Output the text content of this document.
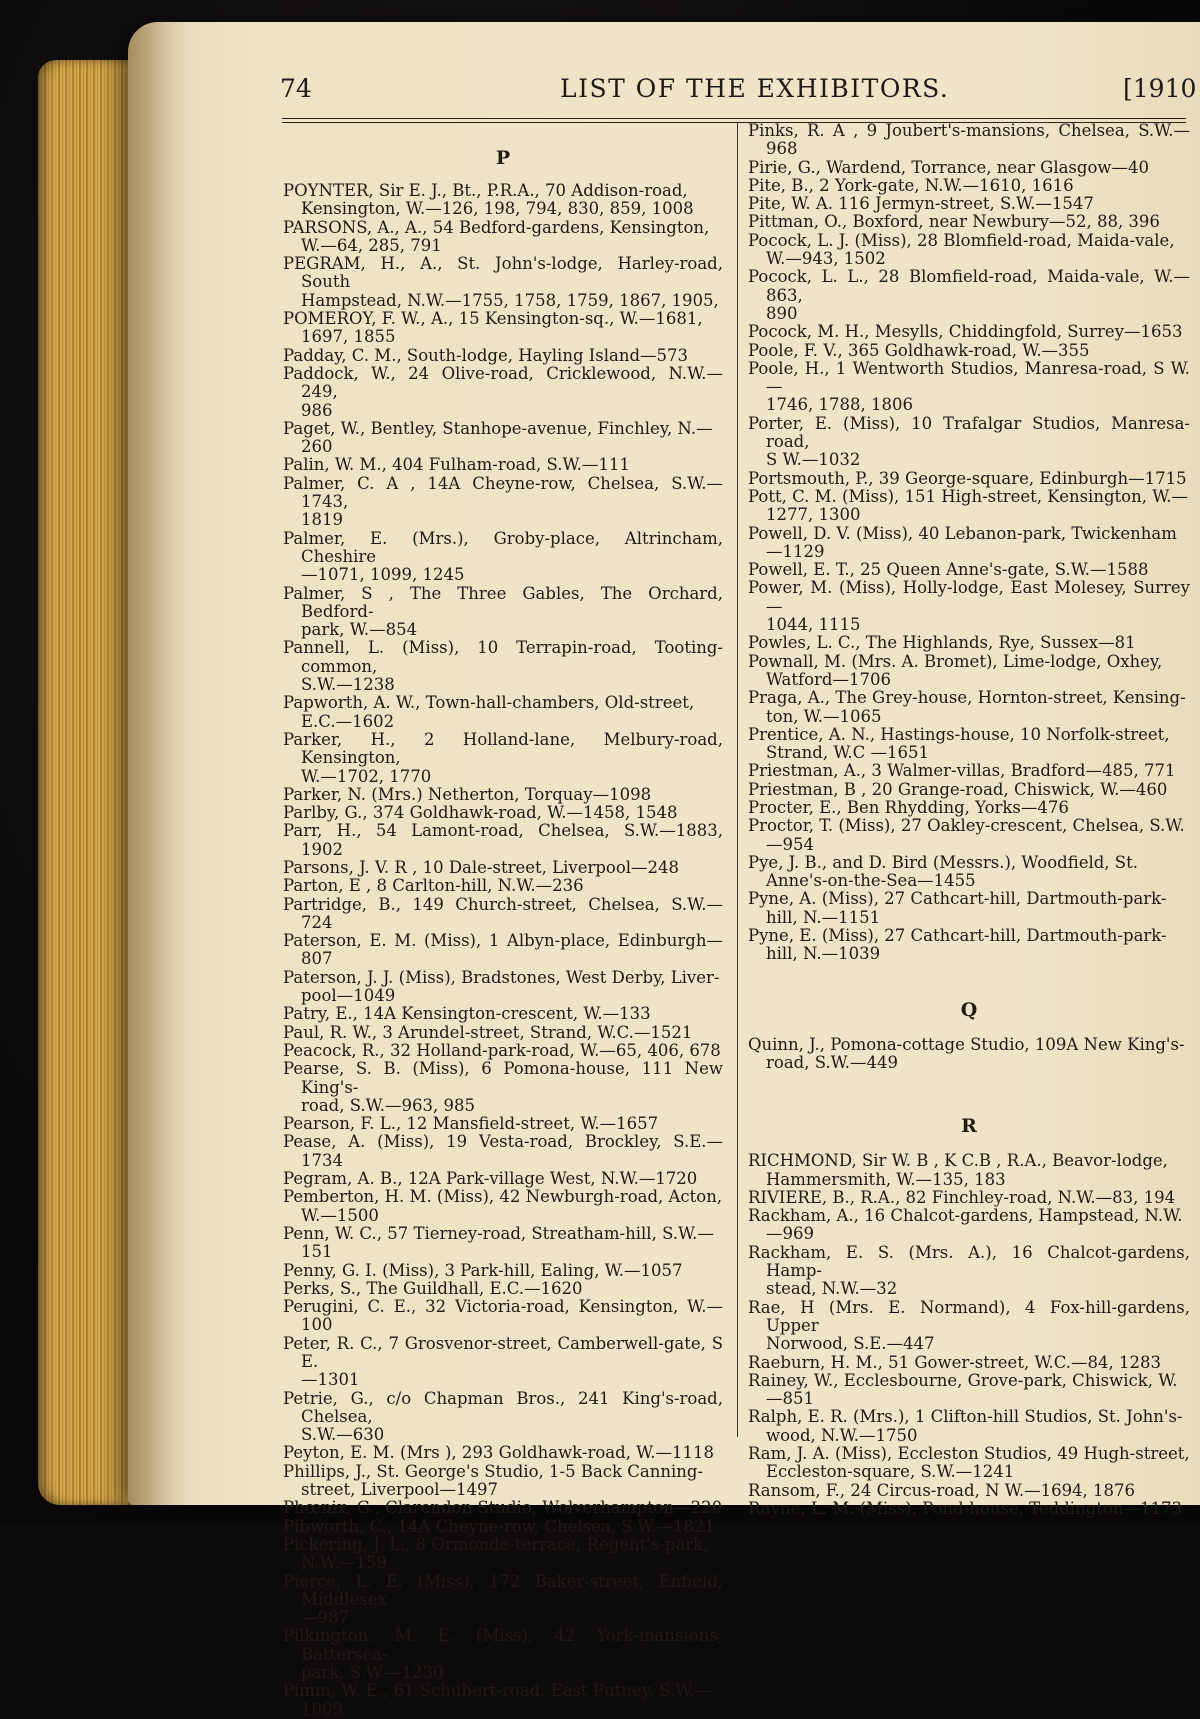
74	LIST OF THE EXHIBITORS.	[1910
P

POYNTER, Sir E. J., Bt., P.R.A., 70 Addison-road,
Kensington, W.—126, 198, 794, 830, 859, 1008

PARSONS, A., A., 54 Bedford-gardens, Kensington,
W.—64, 285, 791

PEGRAM, H., A., St. John's-lodge, Harley-road, South
Hampstead, N.W.—1755, 1758, 1759, 1867, 1905,

POMEROY, F. W., A., 15 Kensington-sq., W.—1681,
1697, 1855

Padday, C. M., South-lodge, Hayling Island—573

Paddock, W., 24 Olive-road, Cricklewood, N.W.—249,
986

Paget, W., Bentley, Stanhope-avenue, Finchley, N.—
260

Palin, W. M., 404 Fulham-road, S.W.—111

Palmer, C. A , 14A Cheyne-row, Chelsea, S.W.—1743,
1819

Palmer, E. (Mrs.), Groby-place, Altrincham, Cheshire
—1071, 1099, 1245

Palmer, S , The Three Gables, The Orchard, Bedford-
park, W.—854

Pannell, L. (Miss), 10 Terrapin-road, Tooting-common,
S.W.—1238

Papworth, A. W., Town-hall-chambers, Old-street,
E.C.—1602

Parker, H., 2 Holland-lane, Melbury-road, Kensington,
W.—1702, 1770

Parker, N. (Mrs.) Netherton, Torquay—1098

Parlby, G., 374 Goldhawk-road, W.—1458, 1548

Parr, H., 54 Lamont-road, Chelsea, S.W.—1883, 1902

Parsons, J. V. R , 10 Dale-street, Liverpool—248

Parton, E , 8 Carlton-hill, N.W.—236

Partridge, B., 149 Church-street, Chelsea, S.W.—724

Paterson, E. M. (Miss), 1 Albyn-place, Edinburgh—807

Paterson, J. J. (Miss), Bradstones, West Derby, Liver-
pool—1049

Patry, E., 14A Kensington-crescent, W.—133

Paul, R. W., 3 Arundel-street, Strand, W.C.—1521

Peacock, R., 32 Holland-park-road, W.—65, 406, 678

Pearse, S. B. (Miss), 6 Pomona-house, 111 New King's-
road, S.W.—963, 985

Pearson, F. L., 12 Mansfield-street, W.—1657

Pease, A. (Miss), 19 Vesta-road, Brockley, S.E.—1734

Pegram, A. B., 12A Park-village West, N.W.—1720

Pemberton, H. M. (Miss), 42 Newburgh-road, Acton,
W.—1500

Penn, W. C., 57 Tierney-road, Streatham-hill, S.W.—
151

Penny, G. I. (Miss), 3 Park-hill, Ealing, W.—1057

Perks, S., The Guildhall, E.C.—1620

Perugini, C. E., 32 Victoria-road, Kensington, W.—100

Peter, R. C., 7 Grosvenor-street, Camberwell-gate, S E.
—1301

Petrie, G., c/o Chapman Bros., 241 King's-road, Chelsea,
S.W.—630

Peyton, E. M. (Mrs ), 293 Goldhawk-road, W.—1118

Phillips, J., St. George's Studio, 1-5 Back Canning-
street, Liverpool—1497

Phœnix, G., Clarendon Studio, Wolverhampton—220

Pibworth, C., 14A Cheyne-row, Chelsea, S.W.—1821

Pickering, J. L., 8 Ormonde-terrace, Regent's-park,
N.W.—159

Pierce, L. E. (Miss), 172 Baker-street, Enfield, Middlesex
—987

Pilkington, M. E. (Miss), 42 York-mansions, Battersea-
park, S.W.—1230

Pimm, W. E., 61 Schubert-road, East Putney, S.W.—
1009

Pinks, R. A , 9 Joubert's-mansions, Chelsea, S.W.—968

Pirie, G., Wardend, Torrance, near Glasgow—40

Pite, B., 2 York-gate, N.W.—1610, 1616

Pite, W. A. 116 Jermyn-street, S.W.—1547

Pittman, O., Boxford, near Newbury—52, 88, 396

Pocock, L. J. (Miss), 28 Blomfield-road, Maida-vale,
W.—943, 1502

Pocock, L. L., 28 Blomfield-road, Maida-vale, W.—863,
890

Pocock, M. H., Mesylls, Chiddingfold, Surrey—1653

Poole, F. V., 365 Goldhawk-road, W.—355

Poole, H., 1 Wentworth Studios, Manresa-road, S W.—
1746, 1788, 1806

Porter, E. (Miss), 10 Trafalgar Studios, Manresa-road,
S W.—1032

Portsmouth, P., 39 George-square, Edinburgh—1715

Pott, C. M. (Miss), 151 High-street, Kensington, W.—
1277, 1300

Powell, D. V. (Miss), 40 Lebanon-park, Twickenham
—1129

Powell, E. T., 25 Queen Anne's-gate, S.W.—1588

Power, M. (Miss), Holly-lodge, East Molesey, Surrey—
1044, 1115

Powles, L. C., The Highlands, Rye, Sussex—81

Pownall, M. (Mrs. A. Bromet), Lime-lodge, Oxhey,
Watford—1706

Praga, A., The Grey-house, Hornton-street, Kensing-
ton, W.—1065

Prentice, A. N., Hastings-house, 10 Norfolk-street,
Strand, W.C —1651

Priestman, A., 3 Walmer-villas, Bradford—485, 771

Priestman, B , 20 Grange-road, Chiswick, W.—460

Procter, E., Ben Rhydding, Yorks—476

Proctor, T. (Miss), 27 Oakley-crescent, Chelsea, S.W.
—954

Pye, J. B., and D. Bird (Messrs.), Woodfield, St.
Anne's-on-the-Sea—1455

Pyne, A. (Miss), 27 Cathcart-hill, Dartmouth-park-
hill, N.—1151

Pyne, E. (Miss), 27 Cathcart-hill, Dartmouth-park-
hill, N.—1039

Q

Quinn, J., Pomona-cottage Studio, 109A New King's-
road, S.W.—449

R

RICHMOND, Sir W. B , K C.B , R.A., Beavor-lodge,
Hammersmith, W.—135, 183

RIVIERE, B., R.A., 82 Finchley-road, N.W.—83, 194

Rackham, A., 16 Chalcot-gardens, Hampstead, N.W.
—969

Rackham, E. S. (Mrs. A.), 16 Chalcot-gardens, Hamp-
stead, N.W.—32

Rae, H (Mrs. E. Normand), 4 Fox-hill-gardens, Upper
Norwood, S.E.—447

Raeburn, H. M., 51 Gower-street, W.C.—84, 1283

Rainey, W., Ecclesbourne, Grove-park, Chiswick, W.
—851

Ralph, E. R. (Mrs.), 1 Clifton-hill Studios, St. John's-
wood, N.W.—1750

Ram, J. A. (Miss), Eccleston Studios, 49 Hugh-street,
Eccleston-square, S.W.—1241

Ransom, F., 24 Circus-road, N W.—1694, 1876

Rayne, L. M. (Miss), Pond-house, Teddington—1173
